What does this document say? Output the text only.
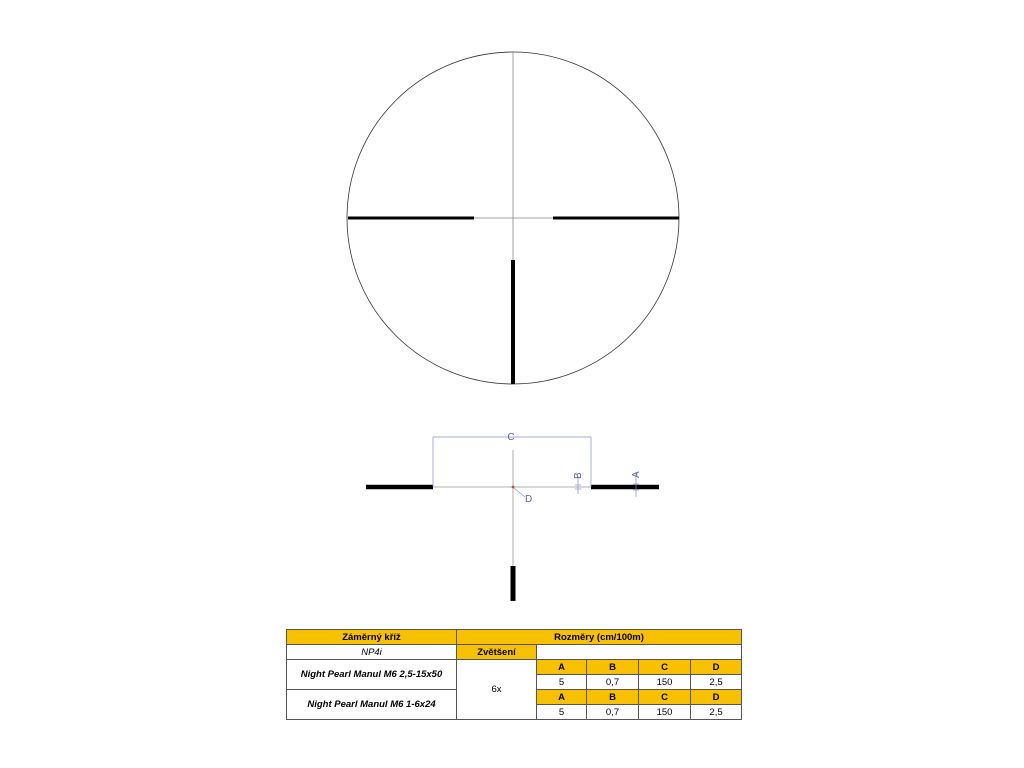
C
B	A
D
Záměrný kříž	Rozměry (cm/100m)				
NP4i	Zvětšení				
Night Pearl Manul M6 2,5-15x50	6x	A	B	C	D
		5	0,7	150	2,5
Night Pearl Manul M6 1-6x24		A	B	C	D
		5	0,7	150	2,5
